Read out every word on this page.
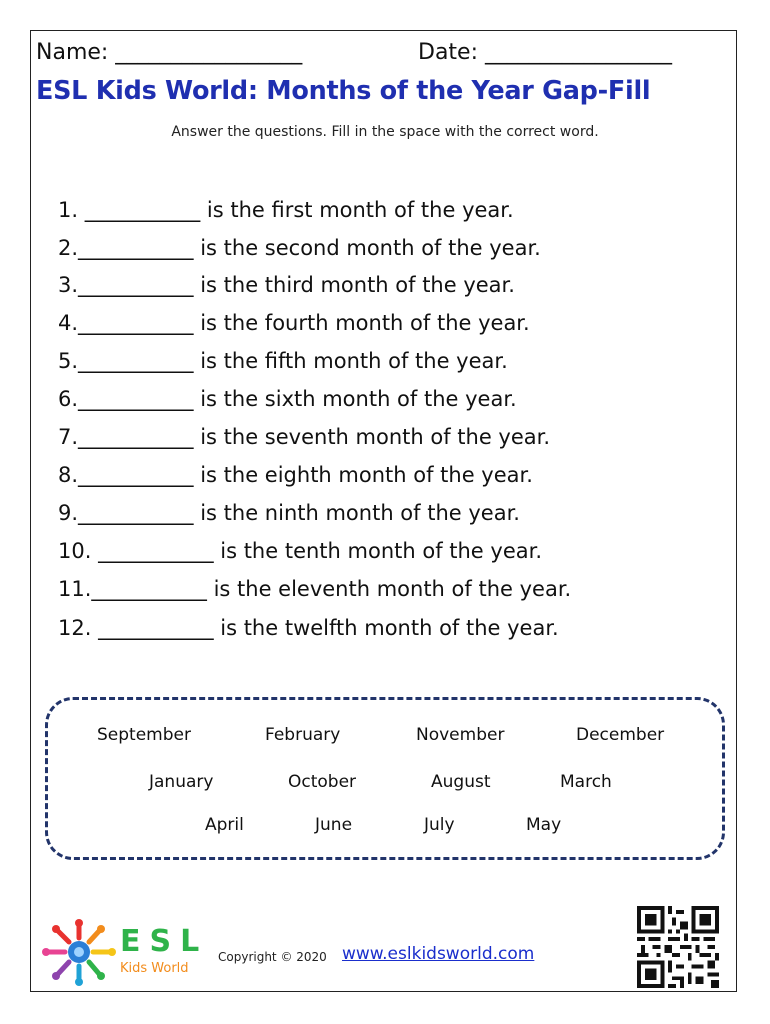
Name: _________________	Date: _________________
ESL Kids World: Months of the Year Gap-Fill
Answer the questions. Fill in the space with the correct word.
1. ___________ is the first month of the year.
2.___________ is the second month of the year.
3.___________ is the third month of the year.
4.___________ is the fourth month of the year.
5.___________ is the fifth month of the year.
6.___________ is the sixth month of the year.
7.___________ is the seventh month of the year.
8.___________ is the eighth month of the year.
9.___________ is the ninth month of the year.
10. ___________ is the tenth month of the year.
11.___________ is the eleventh month of the year.
12. ___________ is the twelfth month of the year.
September	February	November	December
January	October	August	March
April	June	July	May
ESL
Kids World
Copyright © 2020 www.eslkidsworld.com
